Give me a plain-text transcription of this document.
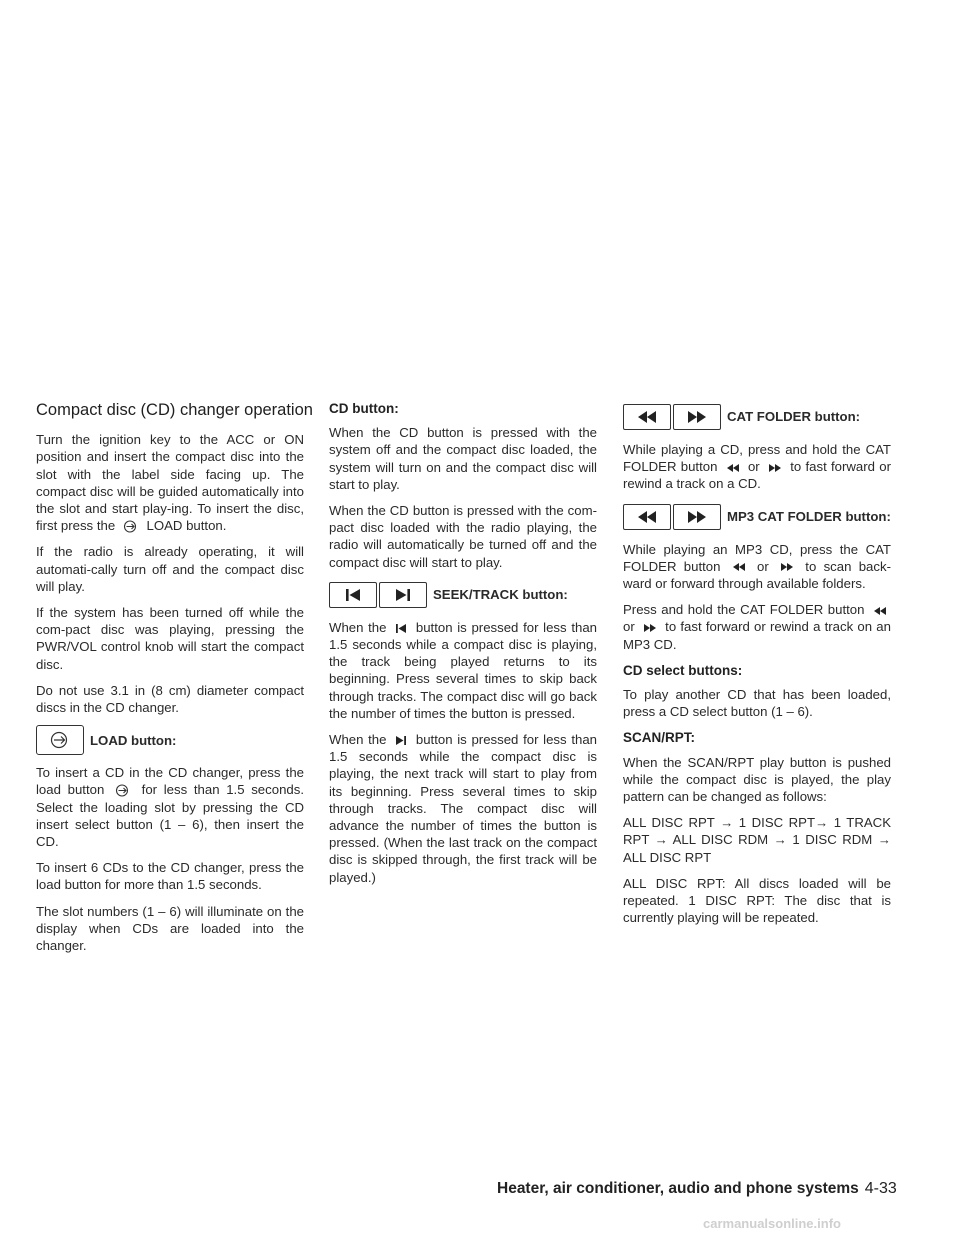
Compact disc (CD) changer operation

Turn the ignition key to the ACC or ON position and insert the compact disc into the slot with the label side facing up. The compact disc will be guided automatically into the slot and start play-ing. To insert the disc, first press the LOAD button.

If the radio is already operating, it will automati-cally turn off and the compact disc will play.

If the system has been turned off while the com-pact disc was playing, pressing the PWR/VOL control knob will start the compact disc.

Do not use 3.1 in (8 cm) diameter compact discs in the CD changer.

LOAD button:

To insert a CD in the CD changer, press the load button	for less than 1.5 seconds. Select the loading slot by pressing the CD insert select button (1 – 6), then insert the CD.

To insert 6 CDs to the CD changer, press the load button for more than 1.5 seconds.

The slot numbers (1 – 6) will illuminate on the display when CDs are loaded into the changer.

CD button:

When the CD button is pressed with the system off and the compact disc loaded, the system will turn on and the compact disc will start to play.

When the CD button is pressed with the com-pact disc loaded with the radio playing, the radio will automatically be turned off and the compact disc will start to play.

SEEK/TRACK button:

When the button is pressed for less than 1.5 seconds while a compact disc is playing, the track being played returns to its beginning. Press several times to skip back through tracks. The compact disc will go back the number of times the button is pressed.

When the button is pressed for less than 1.5 seconds while the compact disc is playing, the next track will start to play from its beginning. Press several times to skip through tracks. The compact disc will advance the number of times the button is pressed. (When the last track on the compact disc is skipped through, the first track will be played.)

CAT FOLDER button:

While playing a CD, press and hold the CAT FOLDER button or to fast forward or rewind a track on a CD.

MP3 CAT FOLDER button:

While playing an MP3 CD, press the CAT FOLDER button	or	to scan back-ward or forward through available folders.

Press and hold the CAT FOLDER button  or to fast forward or rewind a track on an MP3 CD.

CD select buttons:

To play another CD that has been loaded, press a CD select button (1 – 6).

SCAN/RPT:

When the SCAN/RPT play button is pushed while the compact disc is played, the play pattern can be changed as follows:

ALL DISC RPT → 1 DISC RPT→ 1 TRACK RPT → ALL DISC RDM → 1 DISC RDM → ALL DISC RPT

ALL DISC RPT: All discs loaded will be repeated. 1 DISC RPT: The disc that is currently playing will be repeated.

Heater, air conditioner, audio and phone systems 4-33
carmanualsonline.info
